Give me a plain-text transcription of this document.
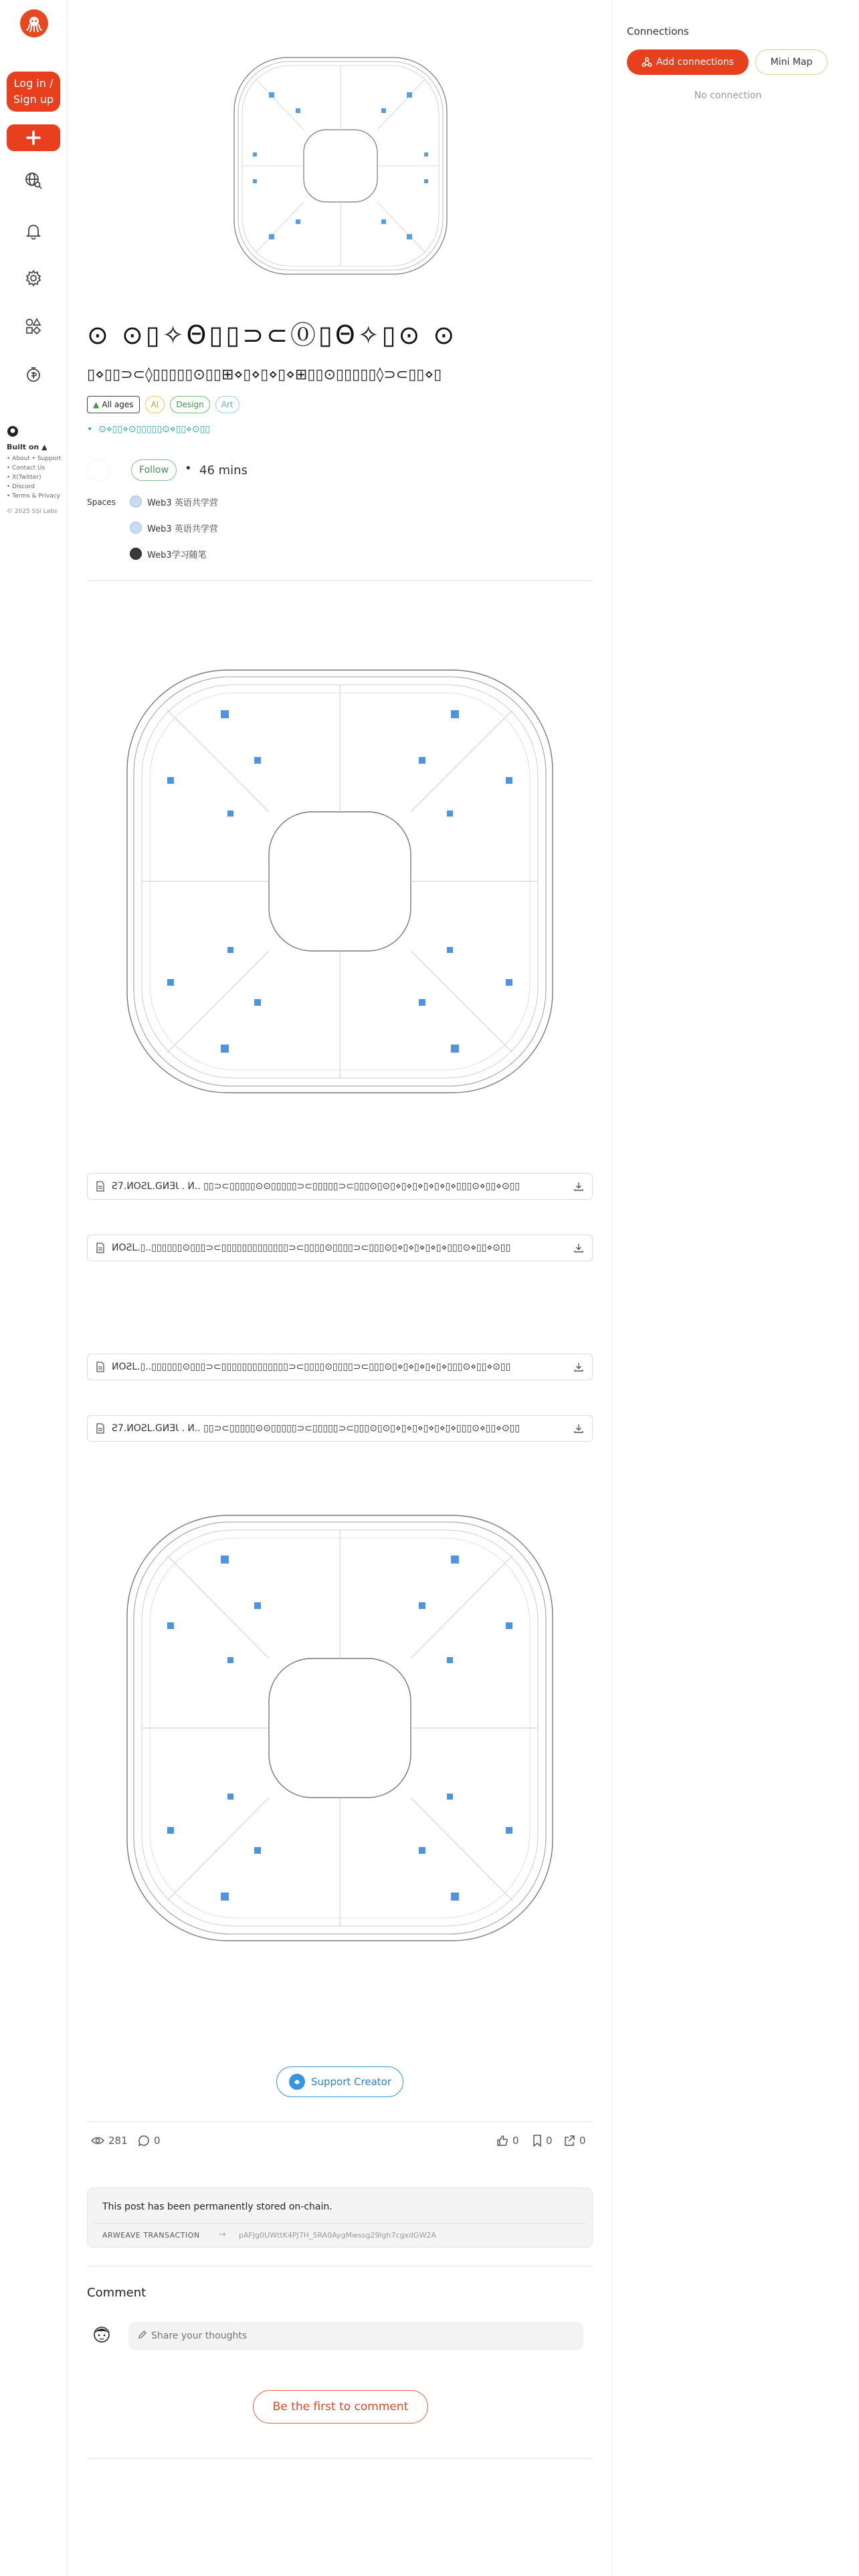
Log in / Sign up
Built on ▲
• About • Support
• Contact Us
• X(Twitter)
• Discord
• Terms & Privacy
© 2025 SSI Labs
⊙ ⊙▯✧Θ▯▯⊃⊂⓪▯Θ✧▯⊙ ⊙
▯⋄▯▯⊃⊂◊▯▯▯▯▯⊙▯▯⊞⋄▯⋄▯⋄▯⋄⊞▯▯⊙▯▯▯▯▯◊⊃⊂▯▯⋄▯
▲ All ages	AI	Design	Art
• ⊙⋄▯▯⋄⊙▯▯▯▯▯⊙⋄▯▯⋄⊙▯▯
Follow	• 46 mins
Spaces	Web3 英语共学营
Web3 英语共学营
Web3学习随笔
Ƨ7.ИOƧL.GИƎƖ . И.. ▯▯⊃⊂▯▯▯▯▯⊙⊙▯▯▯▯▯⊃⊂▯▯▯▯▯⊃⊂▯▯▯⊙▯⊙▯⋄▯⋄▯⋄▯⋄▯⋄▯⋄▯▯▯⊙⋄▯▯⋄⊙▯▯
ИOƧL.▯..▯▯▯▯▯▯⊙▯▯▯⊃⊂▯▯▯▯▯▯▯▯▯▯▯▯▯⊃⊂▯▯▯▯⊙▯▯▯▯⊃⊂▯▯▯⊙▯⋄▯⋄▯⋄▯⋄▯⋄▯▯▯⊙⋄▯▯⋄⊙▯▯
ИOƧL.▯..▯▯▯▯▯▯⊙▯▯▯⊃⊂▯▯▯▯▯▯▯▯▯▯▯▯▯⊃⊂▯▯▯▯⊙▯▯▯▯⊃⊂▯▯▯⊙▯⋄▯⋄▯⋄▯⋄▯⋄▯▯▯⊙⋄▯▯⋄⊙▯▯
Ƨ7.ИOƧL.GИƎƖ . И.. ▯▯⊃⊂▯▯▯▯▯⊙⊙▯▯▯▯▯⊃⊂▯▯▯▯▯⊃⊂▯▯▯⊙▯⊙▯⋄▯⋄▯⋄▯⋄▯⋄▯⋄▯▯▯⊙⋄▯▯⋄⊙▯▯
Support Creator
281	0	0	0	0
This post has been permanently stored on-chain.
ARWEAVE TRANSACTION → pAFJg0UWttK4PJ7H_5RA0AygMwssg29lgh7cgxdGW2A
Comment
Share your thoughts
Be the first to comment
Connections
Add connections	Mini Map
No connection
